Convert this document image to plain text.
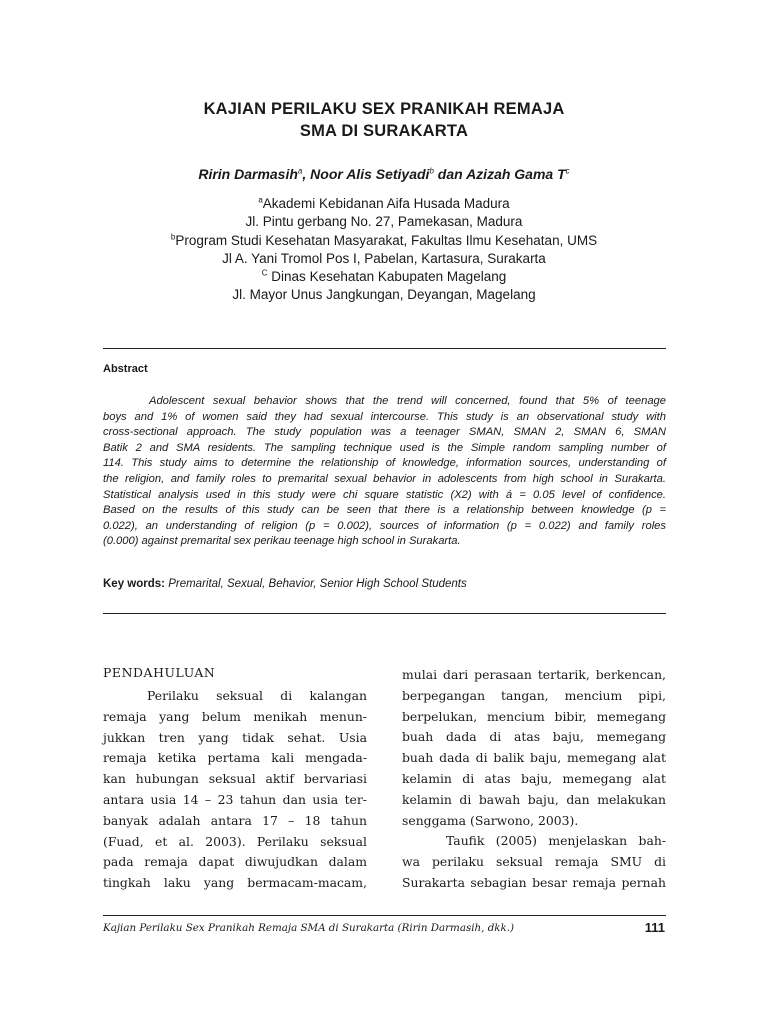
KAJIAN PERILAKU SEX PRANIKAH REMAJA
SMA DI SURAKARTA
Ririn Darmasih$^a$, Noor Alis Setiyadi$^b$ dan Azizah Gama $T^c$
$^a$Akademi Kebidanan Aifa Husada Madura
Jl. Pintu gerbang No. 27, Pamekasan, Madura
$^b$Program Studi Kesehatan Masyarakat, Fakultas Ilmu Kesehatan, UMS
Jl A. Yani Tromol Pos I, Pabelan, Kartasura, Surakarta
$^C$ Dinas Kesehatan Kabupaten Magelang
Jl. Mayor Unus Jangkungan, Deyangan, Magelang
Abstract
Adolescent sexual behavior shows that the trend will concerned, found that 5% of teenage
boys and 1% of women said they had sexual intercourse. This study is an observational study with
cross-sectional approach. The study population was a teenager SMAN, SMAN 2, SMAN 6, SMAN
Batik 2 and SMA residents. The sampling technique used is the Simple random sampling number of
114. This study aims to determine the relationship of knowledge, information sources, understanding of
the religion, and family roles to premarital sexual behavior in adolescents from high school in Surakarta.
Statistical analysis used in this study were chi square statistic (X2) with á = 0.05 level of confidence.
Based on the results of this study can be seen that there is a relationship between knowledge (p =
0.022), an understanding of religion (p = 0.002), sources of information (p = 0.022) and family roles
(0.000) against premarital sex perikau teenage high school in Surakarta.
Key words: Premarital, Sexual, Behavior, Senior High School Students
PENDAHULUAN
Perilaku seksual di kalangan
remaja yang belum menikah menun-
jukkan tren yang tidak sehat. Usia
remaja ketika pertama kali mengada-
kan hubungan seksual aktif bervariasi
antara usia 14 – 23 tahun dan usia ter-
banyak adalah antara 17 – 18 tahun
(Fuad, et al. 2003). Perilaku seksual
pada remaja dapat diwujudkan dalam
tingkah laku yang bermacam-macam,
mulai dari perasaan tertarik, berkencan,
berpegangan tangan, mencium pipi,
berpelukan, mencium bibir, memegang
buah dada di atas baju, memegang
buah dada di balik baju, memegang alat
kelamin di atas baju, memegang alat
kelamin di bawah baju, dan melakukan
senggama (Sarwono, 2003).
Taufik (2005) menjelaskan bah-
wa perilaku seksual remaja SMU di
Surakarta sebagian besar remaja pernah
Kajian Perilaku Sex Pranikah Remaja SMA di Surakarta (Ririn Darmasih, dkk.)	111
